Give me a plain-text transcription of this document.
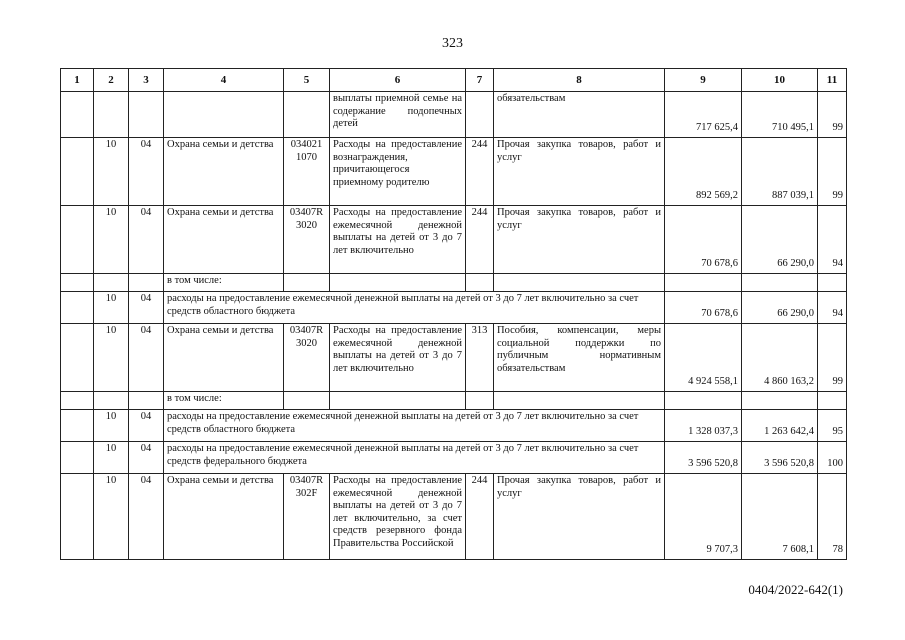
323
1	2	3	4	5	6	7	8	9	10	11
					выплаты приемной семье на содержание подопечных детей		обязательствам	717 625,4	710 495,1	99
	10	04	Охрана семьи и детства	034021 1070	Расходы на предоставление вознаграждения, причитающегося приемному родителю	244	Прочая закупка товаров, работ и услуг	892 569,2	887 039,1	99
	10	04	Охрана семьи и детства	03407R 3020	Расходы на предоставление ежемесячной денежной выплаты на детей от 3 до 7 лет включительно	244	Прочая закупка товаров, работ и услуг	70 678,6	66 290,0	94
			в том числе:							
	10	04	расходы на предоставление ежемесячной денежной выплаты на детей от 3 до 7 лет включительно за счет средств областного бюджета					70 678,6	66 290,0	94
	10	04	Охрана семьи и детства	03407R 3020	Расходы на предоставление ежемесячной денежной выплаты на детей от 3 до 7 лет включительно	313	Пособия, компенсации, меры социальной поддержки по публичным нормативным обязательствам	4 924 558,1	4 860 163,2	99
			в том числе:							
	10	04	расходы на предоставление ежемесячной денежной выплаты на детей от 3 до 7 лет включительно за счет средств областного бюджета					1 328 037,3	1 263 642,4	95
	10	04	расходы на предоставление ежемесячной денежной выплаты на детей от 3 до 7 лет включительно за счет средств федерального бюджета					3 596 520,8	3 596 520,8	100
	10	04	Охрана семьи и детства	03407R 302F	Расходы на предоставление ежемесячной денежной выплаты на детей от 3 до 7 лет включительно, за счет средств резервного фонда Правительства Российской	244	Прочая закупка товаров, работ и услуг	9 707,3	7 608,1	78
0404/2022-642(1)
